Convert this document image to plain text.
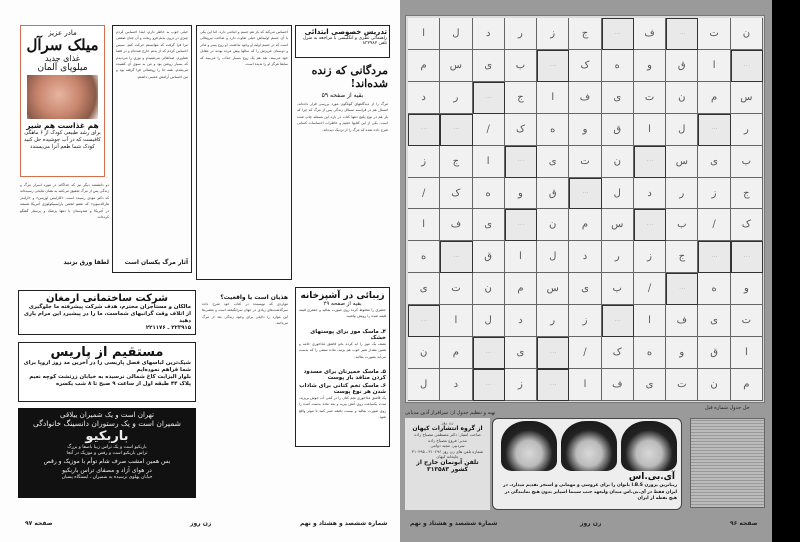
مادر عزیز
میلک سرآل
غذای جدید
میلوپای آلمان
هم غذاست هم شیر
برای رشد طبیعی کودک از ۶ ماهگی کافیست که در آب جوشیده حل کنید کودک شما طعم آنرا می‌پسندد
خیلی خوب به خاطر دارم، ابتدا احساس کردم چیزی در درون بدنم فرو ریخت و آن چنان ضعفی مرا فرا گرفت که نتوانستم حرکت کنم. سپس احساس کردم که از بدنم خارج شده‌ام و در فضا شناورم. صداهائی می‌شنیدم و نوری را می‌دیدم که بسیار روشن بود و من به سوی آن کشیده می‌شدم. همه جا را روشنائی فرا گرفته بود و من احساس آرامش عجیبی داشتم.
آثار مرگ یکسان است
دو دانشمند دیگر نیز که جداگانه در مورد اسرار مرگ و زندگی پس از مرگ تحقیق می‌کنند به همان نتایجی رسیده‌اند که دکتر مودی رسیده است. «کارلیس اوزیس» و «ارلندر هارالدسون» که عضو انجمن پاراپسیکولوژی آمریکا هستند در آمریکا و هندوستان با دهها پزشک و پرستار گفتگو کرده‌اند.
لطفا ورق بزنید
احساس می‌کند که باز هم جسم و اندامی دارد، اما این یکی با آن جسم اولیه‌اش خیلی تفاوت دارد و صاحب نیروهائی است که در جسم اولیه او وجود نداشت. او روح پسر و مادر و دوستان عزیزش را که سالها پیش مرده بودند در مقابل خود می‌بیند. بعد هم یک روح بسیار جذاب را می‌بیند که سابقا هرگز او را ندیده است.
هذیان است یا واقعیت؟
مواردی که نویسنده در کتاب خود شرح داده سرگذشت‌های زیادی در جهان سرانگیخته است و بعضی‌ها این موارد را دلایلی برای وجود زندگی بعد از مرگ می‌دانند.
تدریس خصوصی ابتدائی
راهنمائی نظری و انگلیسی با مراجعه به منزل
تلفن ۸۳۲۹۸۲
مردگانی که زنده شده‌اند!
بقیه از صفحه ۵۹
مرگ را از دیدگاههای گوناگون مورد بررسی قرار داده‌اند. امسال هم در فرانسه مسائل زندگی پس از مرگ که چرا که باز هم در نوع پکیج دهها کتاب در باره این مسئله چاپ شده است. یکی از این کتابها حجیم و خاطرات احساسات کسانی شرح داده شده که مرگ را از نزدیک دیده‌اند.
زیبائی در آشپزخانه
بقیه از صفحه ۲۹
جعفری را مخلوط کرده روی صورت بمالید و جعفری قیمه قیمه شده را رویش بپاشید.
۴ـ ماسک موز برای پوستهای خشک
نصف یک موز را له کرده بادو قاشق غذاخوری خامه و همین مقدار شیر خوب هم بزنید، ماده سفتی را که بدست می‌آید بصورت بمالید.
۵ـ ماسک خمیرنان برای مسدود کردن منافذ باز پوست
۶ـ ماسک تخم کتانی برای شاداب شدن هر نوع پوست
یک قاشق غذاخوری تخم کتان را در کمی آب جوش بریزید، مدت یکساعت روی آتش بپزید و بعد ماده بدست آمده را روی صورت بمالید و بیست دقیقه صبر کنید تا موثر واقع شود.
شرکت ساختمانی ارمغان
مالکان و مستأجران محترم، هدف شرکت پیشرفته ما جلوگیری از اتلاف وقت گرانبهای شماست، ما را در پیشبرد این مرام یاری دهید
۲۲۳۹۱۵ ـ ۲۲۱۱۷۶
مستقیم از پاریس
شیک‌ترین لباسهای فصل پاریسی را در آخرین مد روز اروپا برای شما فراهم نموده‌ایم
بلوار الیزابت کاخ شمالی نرسیده به خیابان زرتشت کوچه نعیم پلاک ۴۴ طبقه اول از ساعت ۹ صبح تا ۸ شب یکسره
تهران است و یک شمیران ییلاقی
شمیران است و یک رستوران دانسینگ خانوادگی
باربکیو
باربکیو است و یک تراس زیبا باصفا و بزرگ
تراس باربکیو است و رقص و موزیک در آنجا
بس همین امشب صرف شام توأم با موزیک و رقص
در هوای آزاد و مصفای تراس باربکیو
خیابان پهلوی نرسیده به شمیران ـ ایستگاه پسیان
صفحه ۹۷	زن روز	شماره ششصد و هشتاد و نهم
ا	ل	د	ر	ز	ج	· · ·	ف	· · ·	ت	ن
م	س	ی	ب	· · ·	ک	ه	و	ق	ا	· · ·
د	ر	· · ·	ج	ا	ف	ی	ت	ن	م	س
· · ·	· · ·	/	ک	ه	و	ق	ا	ل	· · ·	ر
ز	ج	ا	· · ·	ی	ت	ن	· · ·	س	ی	ب
/	ک	ه	و	ق	· · ·	ل	د	ر	ز	ج
ا	ف	ی	· · ·	ن	م	س	· · ·	ب	/	ک
ه	· · ·	ق	ا	ل	د	ر	ز	ج	· · ·	· · ·
ی	ت	ن	م	س	ی	ب	/	· · ·	ه	و
· · ·	ا	ل	د	ر	ز	· · ·	ا	ف	ی	ت
ن	م	· · ·	ی	· · ·	/	ک	ه	و	ق	ا
ل	د	· · ·	ز	· · ·	ا	ف	ی	ت	ن	م
تهیه و تنظیم جدول از: سرافراز آذین مدیانی
حل جدول شماره قبل
زن روز
از گروه انتشارات کیهان
صاحب امتیاز: دکتر مصطفی مصباح زاده
مدیر: فروغ مصباح زاده
سردبیر: مجید دوامی
شماره تلفن های زن روز ۳۱۰۲۹۶ ـ ۳۱۰۲۹۵
چاپخانه کیهان
تلفن آبونمان خارج از کشور ۳۱۳۵۸۳
آی.بی.اس
زیباترین پروزن I.B.S بانوان را برای عروسی و مهمانی و استخر تقدیم میدارد. در ایران فقط در آی.بی.اس میدان ولیعهد جنب سینما اسپایر بدون هیچ نمایندگی در هیچ نقطه از ایران
شماره ششصد و هشتاد و نهم	زن روز	صفحه ۹۶
